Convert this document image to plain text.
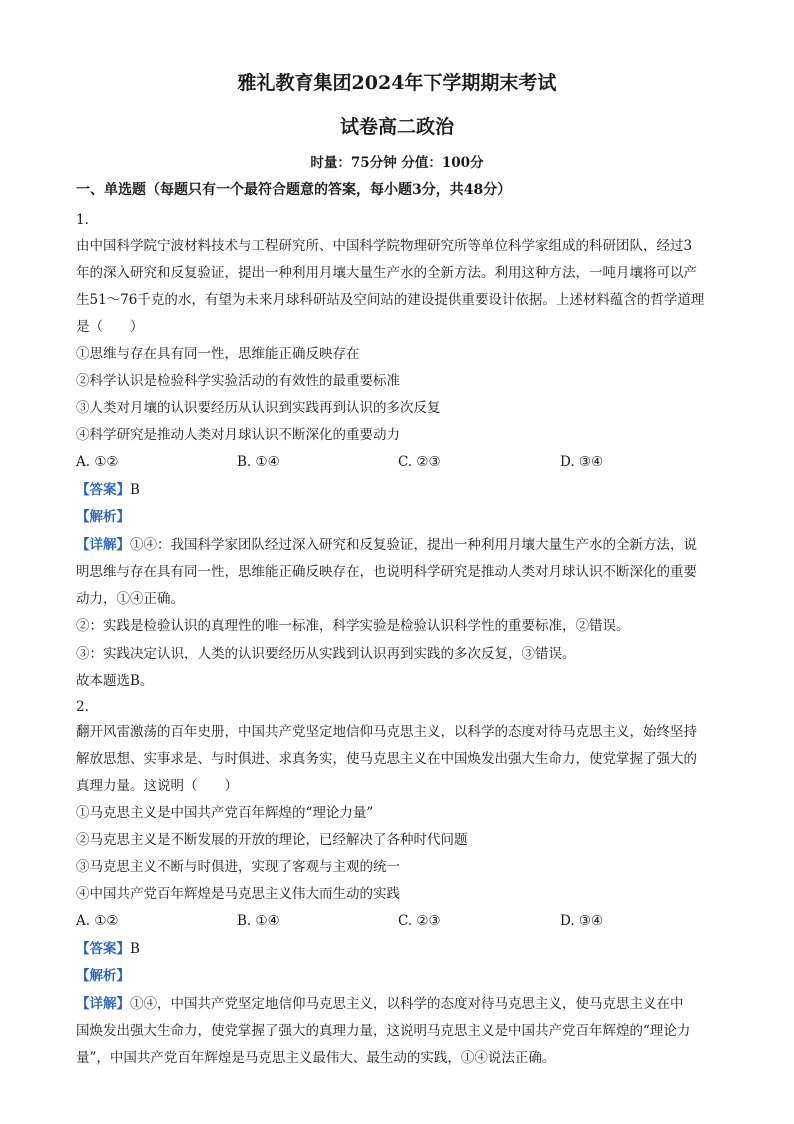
雅礼教育集团2024年下学期期末考试
试卷高二政治
时量：75分钟 分值：100分
一、单选题（每题只有一个最符合题意的答案，每小题3分，共48分）
1.
由中国科学院宁波材料技术与工程研究所、中国科学院物理研究所等单位科学家组成的科研团队，经过3
年的深入研究和反复验证，提出一种利用月壤大量生产水的全新方法。利用这种方法，一吨月壤将可以产
生51～76千克的水，有望为未来月球科研站及空间站的建设提供重要设计依据。上述材料蕴含的哲学道理
是（　　）
①思维与存在具有同一性，思维能正确反映存在
②科学认识是检验科学实验活动的有效性的最重要标准
③人类对月壤的认识要经历从认识到实践再到认识的多次反复
④科学研究是推动人类对月球认识不断深化的重要动力
A. ①②	B. ①④	C. ②③	D. ③④
【答案】B
【解析】
【详解】①④：我国科学家团队经过深入研究和反复验证，提出一种利用月壤大量生产水的全新方法，说
明思维与存在具有同一性，思维能正确反映存在，也说明科学研究是推动人类对月球认识不断深化的重要
动力，①④正确。
②：实践是检验认识的真理性的唯一标准，科学实验是检验认识科学性的重要标准，②错误。
③：实践决定认识，人类的认识要经历从实践到认识再到实践的多次反复，③错误。
故本题选B。
2.
翻开风雷激荡的百年史册，中国共产党坚定地信仰马克思主义，以科学的态度对待马克思主义，始终坚持
解放思想、实事求是、与时俱进、求真务实，使马克思主义在中国焕发出强大生命力，使党掌握了强大的
真理力量。这说明（　　）
①马克思主义是中国共产党百年辉煌的“理论力量”
②马克思主义是不断发展的开放的理论，已经解决了各种时代问题
③马克思主义不断与时俱进，实现了客观与主观的统一
④中国共产党百年辉煌是马克思主义伟大而生动的实践
A. ①②	B. ①④	C. ②③	D. ③④
【答案】B
【解析】
【详解】①④，中国共产党坚定地信仰马克思主义，以科学的态度对待马克思主义，使马克思主义在中
国焕发出强大生命力，使党掌握了强大的真理力量，这说明马克思主义是中国共产党百年辉煌的“理论力
量”，中国共产党百年辉煌是马克思主义最伟大、最生动的实践，①④说法正确。
